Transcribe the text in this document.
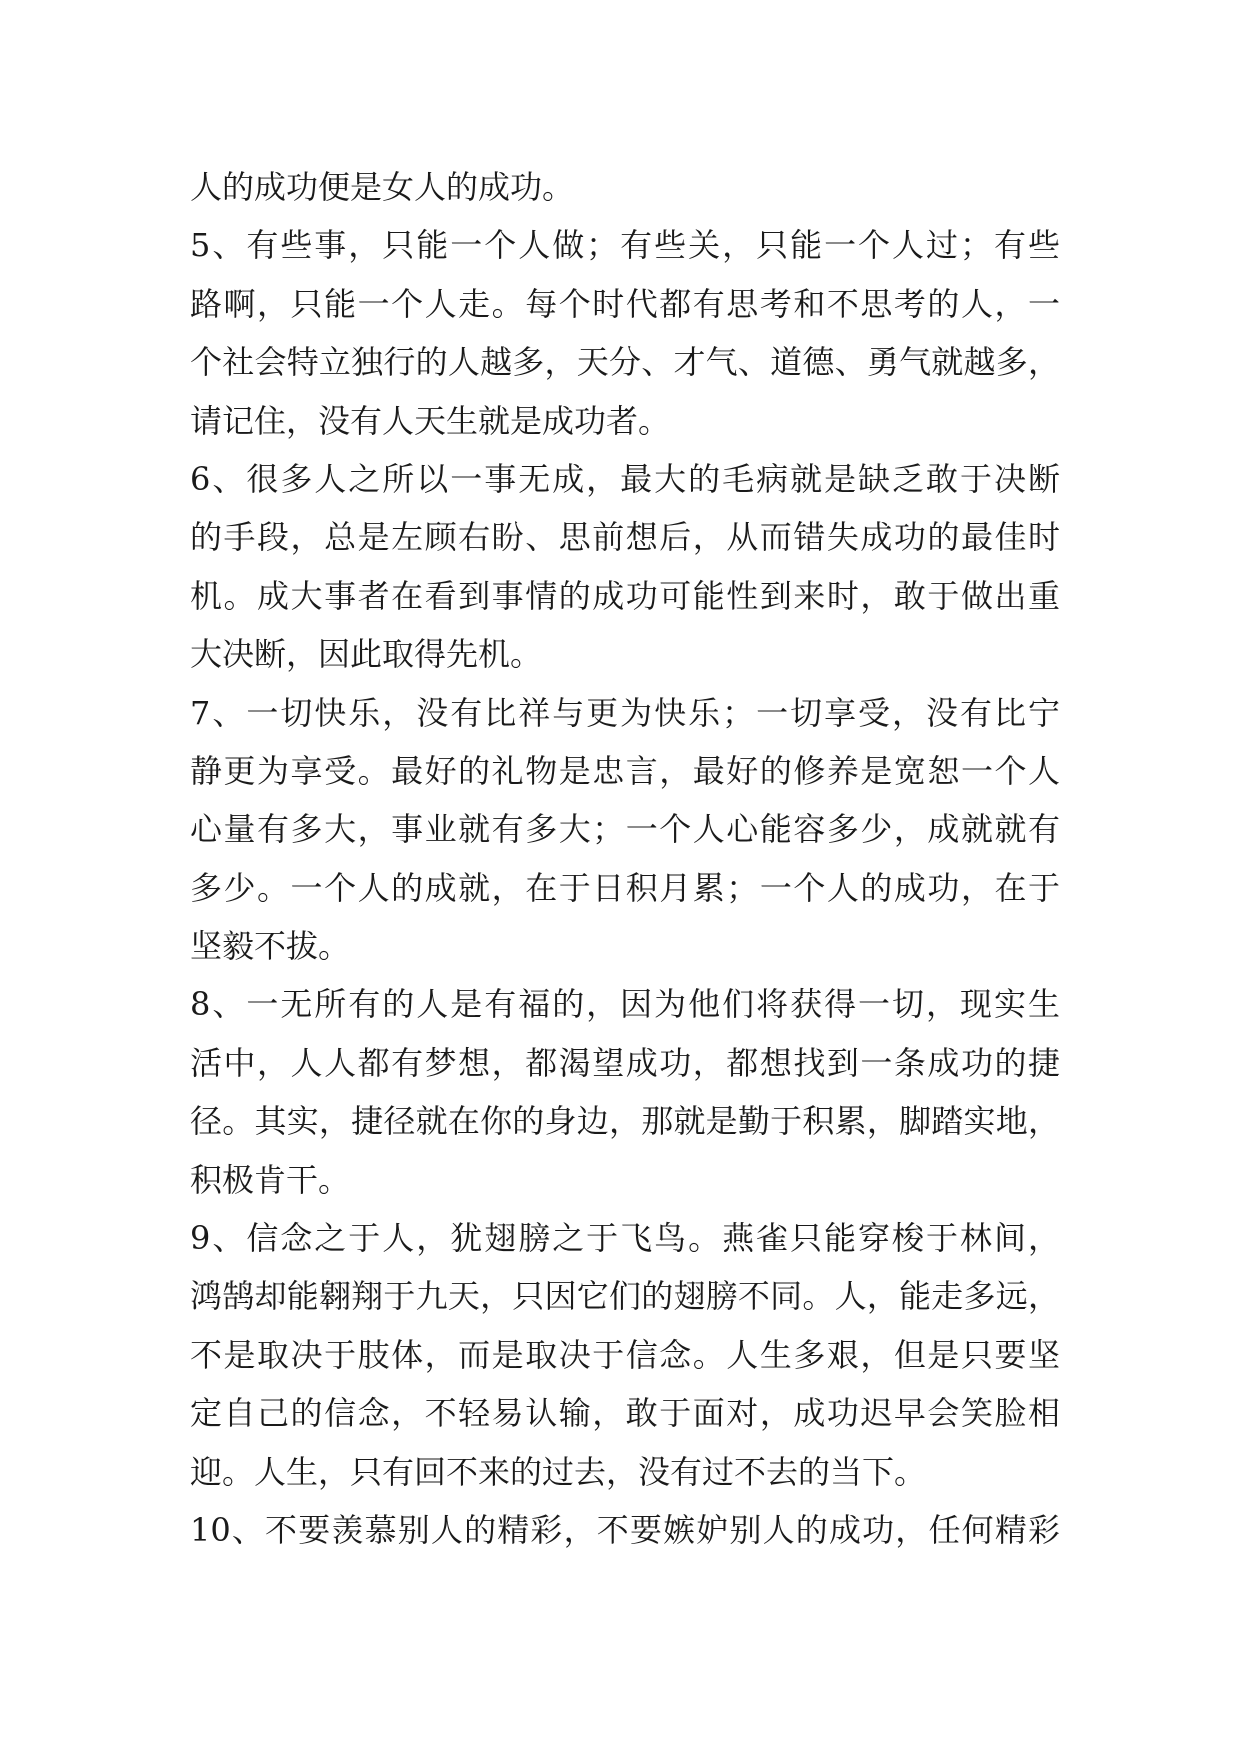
人的成功便是女人的成功。
5、有些事，只能一个人做；有些关，只能一个人过；有些
路啊，只能一个人走。每个时代都有思考和不思考的人，一
个社会特立独行的人越多，天分、才气、道德、勇气就越多，
请记住，没有人天生就是成功者。
6、很多人之所以一事无成，最大的毛病就是缺乏敢于决断
的手段，总是左顾右盼、思前想后，从而错失成功的最佳时
机。成大事者在看到事情的成功可能性到来时，敢于做出重
大决断，因此取得先机。
7、一切快乐，没有比祥与更为快乐；一切享受，没有比宁
静更为享受。最好的礼物是忠言，最好的修养是宽恕一个人
心量有多大，事业就有多大；一个人心能容多少，成就就有
多少。一个人的成就，在于日积月累；一个人的成功，在于
坚毅不拔。
8、一无所有的人是有福的，因为他们将获得一切，现实生
活中，人人都有梦想，都渴望成功，都想找到一条成功的捷
径。其实，捷径就在你的身边，那就是勤于积累，脚踏实地，
积极肯干。
9、信念之于人，犹翅膀之于飞鸟。燕雀只能穿梭于林间，
鸿鹄却能翱翔于九天，只因它们的翅膀不同。人，能走多远，
不是取决于肢体，而是取决于信念。人生多艰，但是只要坚
定自己的信念，不轻易认输，敢于面对，成功迟早会笑脸相
迎。人生，只有回不来的过去，没有过不去的当下。
10、不要羡慕别人的精彩，不要嫉妒别人的成功，任何精彩
